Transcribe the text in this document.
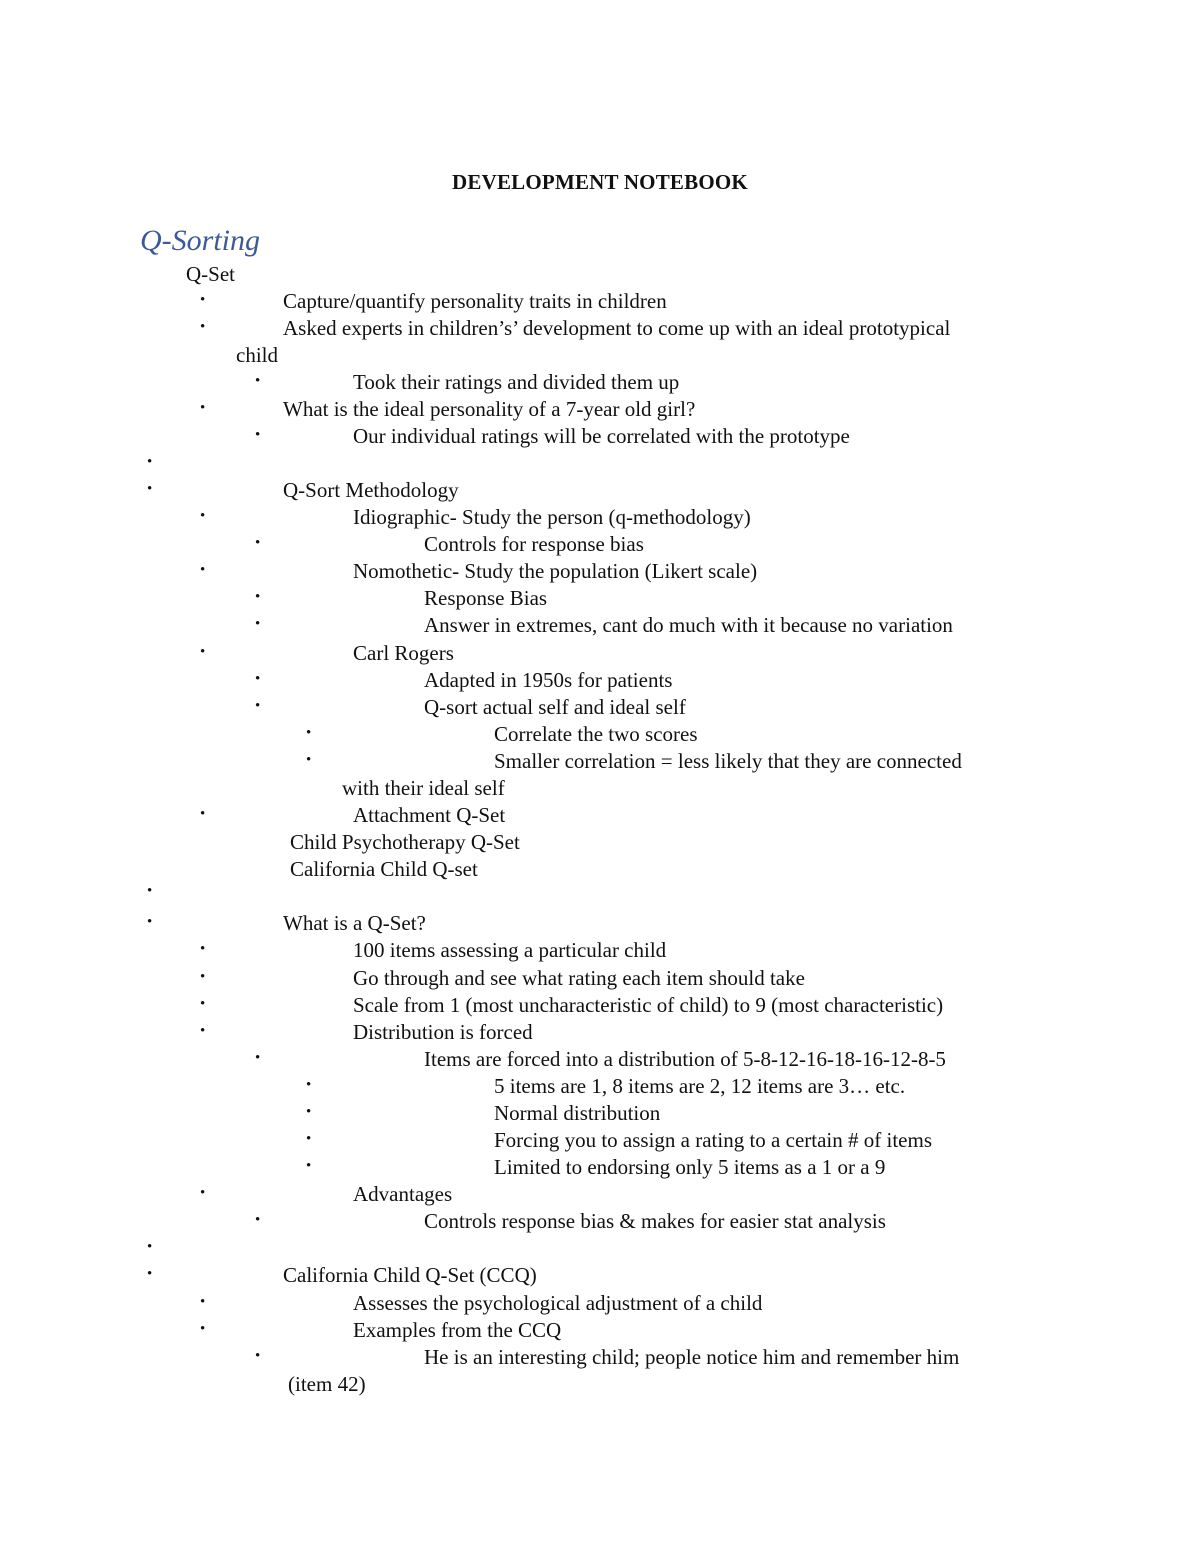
DEVELOPMENT NOTEBOOK
Q-Sorting
•
•
•
•
•
•
•
•
•
•
•
•
•
•
•
•
•
•
•
•
•
•
•
•
•
•
•
•
•
•
•
•
•
•
•
•
Q-Set
Capture/quantify personality traits in children
Asked experts in children’s’ development to come up with an ideal prototypical
child
Took their ratings and divided them up
What is the ideal personality of a 7-year old girl?
Our individual ratings will be correlated with the prototype
Q-Sort Methodology
Idiographic- Study the person (q-methodology)
Controls for response bias
Nomothetic- Study the population (Likert scale)
Response Bias
Answer in extremes, cant do much with it because no variation
Carl Rogers
Adapted in 1950s for patients
Q-sort actual self and ideal self
Correlate the two scores
Smaller correlation = less likely that they are connected
with their ideal self
Attachment Q-Set
Child Psychotherapy Q-Set
California Child Q-set
What is a Q-Set?
100 items assessing a particular child
Go through and see what rating each item should take
Scale from 1 (most uncharacteristic of child) to 9 (most characteristic)
Distribution is forced
Items are forced into a distribution of 5-8-12-16-18-16-12-8-5
5 items are 1, 8 items are 2, 12 items are 3… etc.
Normal distribution
Forcing you to assign a rating to a certain # of items
Limited to endorsing only 5 items as a 1 or a 9
Advantages
Controls response bias & makes for easier stat analysis
California Child Q-Set (CCQ)
Assesses the psychological adjustment of a child
Examples from the CCQ
He is an interesting child; people notice him and remember him
(item 42)
